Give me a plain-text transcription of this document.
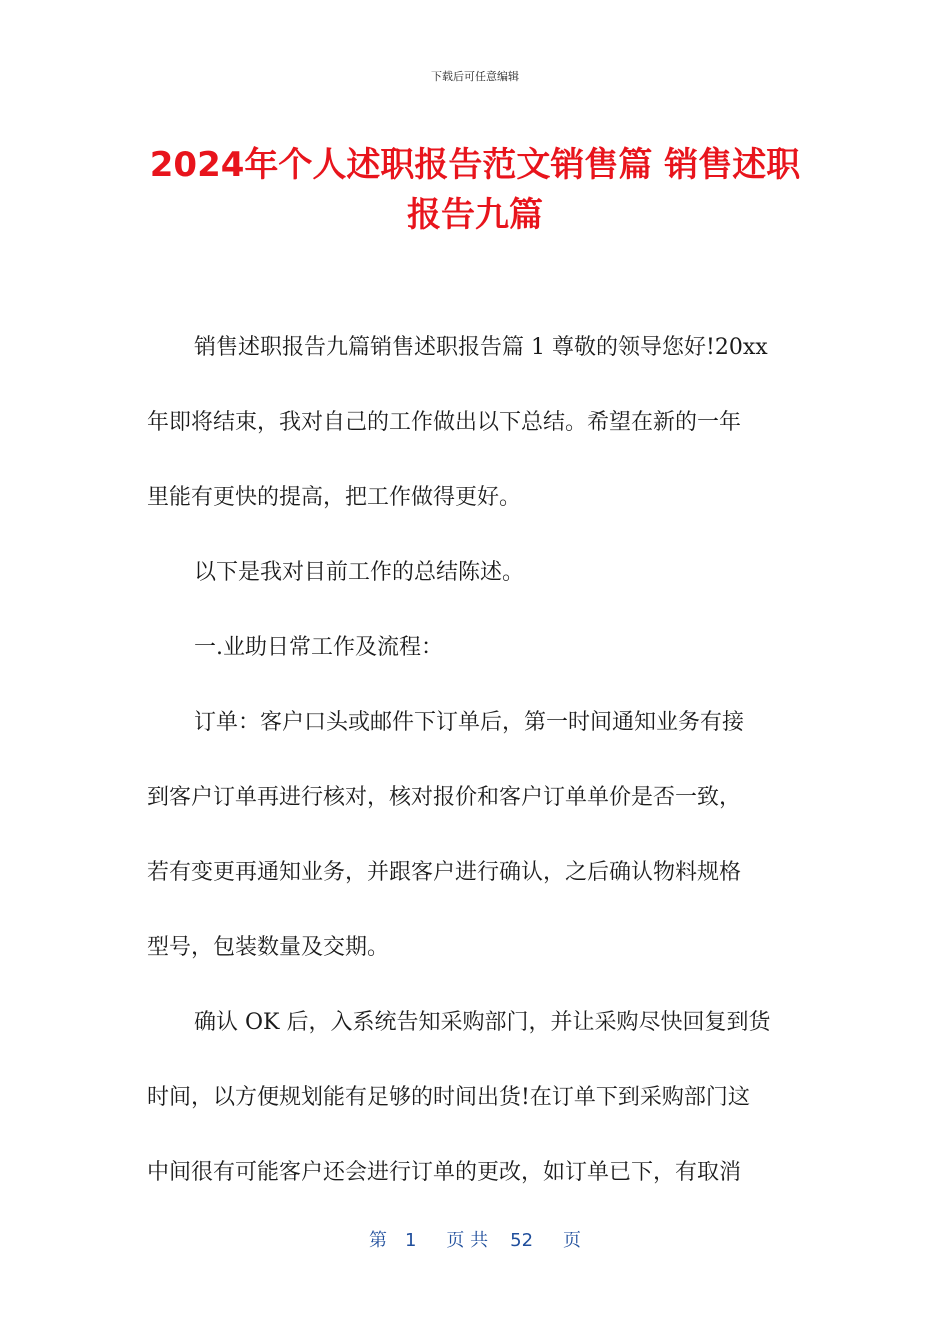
下载后可任意编辑
2024年个人述职报告范文销售篇 销售述职
报告九篇
销售述职报告九篇销售述职报告篇 1 尊敬的领导您好!20xx
年即将结束，我对自己的工作做出以下总结。希望在新的一年
里能有更快的提高，把工作做得更好。
以下是我对目前工作的总结陈述。
一.业助日常工作及流程：
订单：客户口头或邮件下订单后，第一时间通知业务有接
到客户订单再进行核对，核对报价和客户订单单价是否一致，
若有变更再通知业务，并跟客户进行确认，之后确认物料规格
型号，包装数量及交期。
确认 OK 后，入系统告知采购部门，并让采购尽快回复到货
时间，以方便规划能有足够的时间出货!在订单下到采购部门这
中间很有可能客户还会进行订单的更改，如订单已下，有取消
第 1 页 共 52 页
